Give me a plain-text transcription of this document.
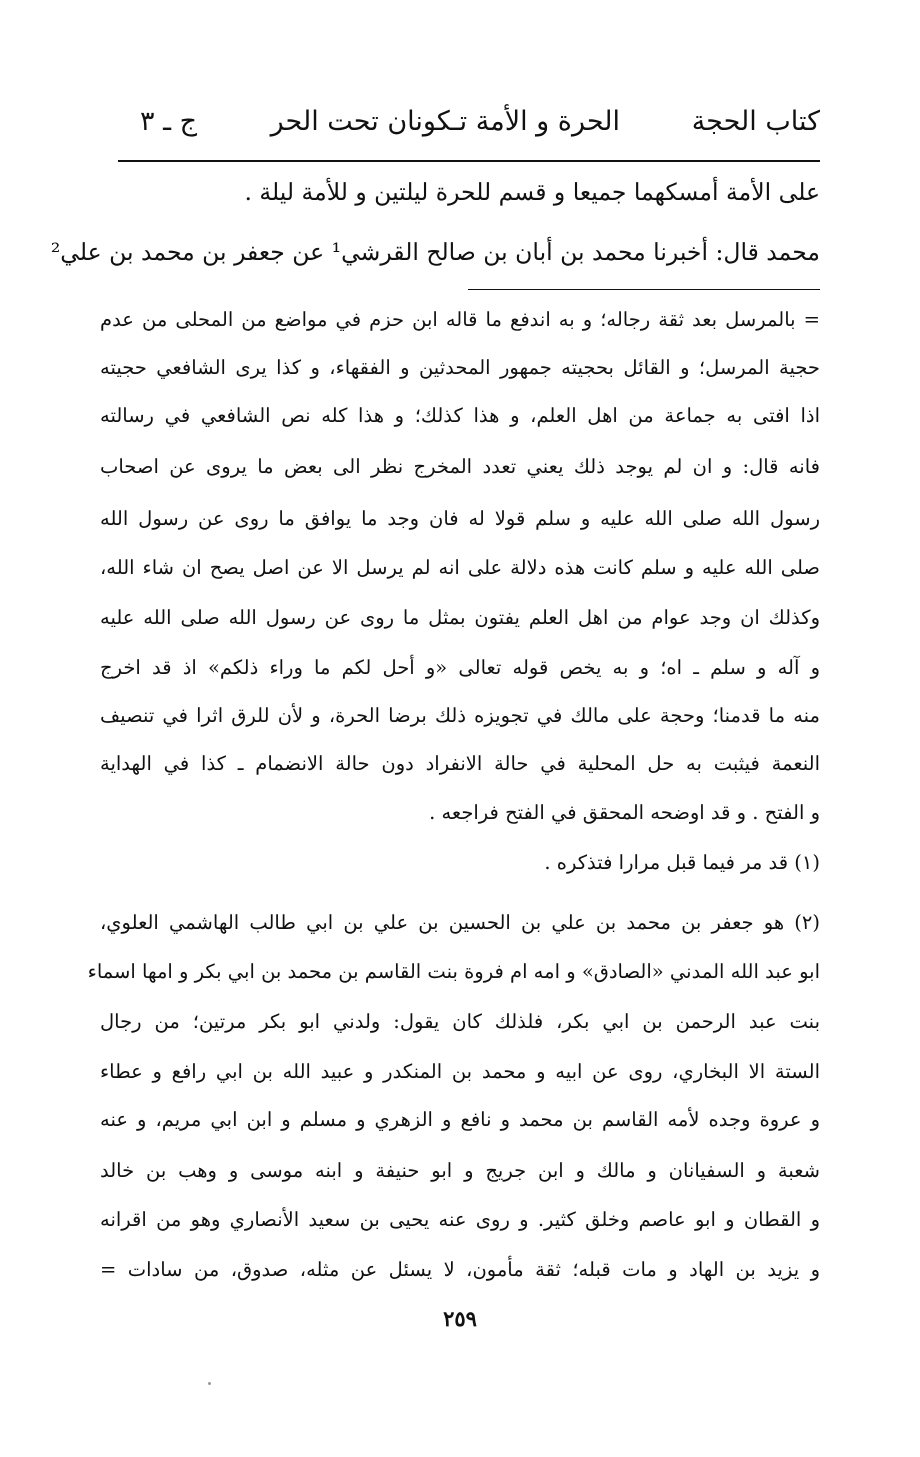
كتاب الحجة
الحرة و الأمة تـكونان تحت الحر
ج ـ ٣
على الأمة أمسكهما جميعا و قسم للحرة ليلتين و للأمة ليلة .
محمد قال: أخبرنا محمد بن أبان بن صالح القرشي¹ عن جعفر بن محمد بن علي²
= بالمرسل بعد ثقة رجاله؛ و به اندفع ما قاله ابن حزم في مواضع من المحلى من عدم
حجية المرسل؛ و القائل بحجيته جمهور المحدثين و الفقهاء، و كذا يرى الشافعي حجيته
اذا افتى به جماعة من اهل العلم، و هذا كذلك؛ و هذا كله نص الشافعي في رسالته
فانه قال: و ان لم يوجد ذلك يعني تعدد المخرج نظر الى بعض ما يروى عن اصحاب
رسول الله صلى الله عليه و سلم قولا له فان وجد ما يوافق ما روى عن رسول الله
صلى الله عليه و سلم كانت هذه دلالة على انه لم يرسل الا عن اصل يصح ان شاء الله،
وكذلك ان وجد عوام من اهل العلم يفتون بمثل ما روى عن رسول الله صلى الله عليه
و آله و سلم ـ اه؛ و به يخص قوله تعالى «و أحل لكم ما وراء ذلكم» اذ قد اخرج
منه ما قدمنا؛ وحجة على مالك في تجويزه ذلك برضا الحرة، و لأن للرق اثرا في تنصيف
النعمة فيثبت به حل المحلية في حالة الانفراد دون حالة الانضمام ـ كذا في الهداية
و الفتح . و قد اوضحه المحقق في الفتح فراجعه .
(١) قد مر فيما قبل مرارا فتذكره .
(٢) هو جعفر بن محمد بن علي بن الحسين بن علي بن ابي طالب الهاشمي العلوي،
ابو عبد الله المدني «الصادق» و امه ام فروة بنت القاسم بن محمد بن ابي بكر و امها اسماء
بنت عبد الرحمن بن ابي بكر، فلذلك كان يقول: ولدني ابو بكر مرتين؛ من رجال
الستة الا البخاري، روى عن ابيه و محمد بن المنكدر و عبيد الله بن ابي رافع و عطاء
و عروة وجده لأمه القاسم بن محمد و نافع و الزهري و مسلم و ابن ابي مريم، و عنه
شعبة و السفيانان و مالك و ابن جريج و ابو حنيفة و ابنه موسى و وهب بن خالد
و القطان و ابو عاصم وخلق كثير. و روى عنه يحيى بن سعيد الأنصاري وهو من اقرانه
و يزيد بن الهاد و مات قبله؛ ثقة مأمون، لا يسئل عن مثله، صدوق، من سادات =
٢٥٩
